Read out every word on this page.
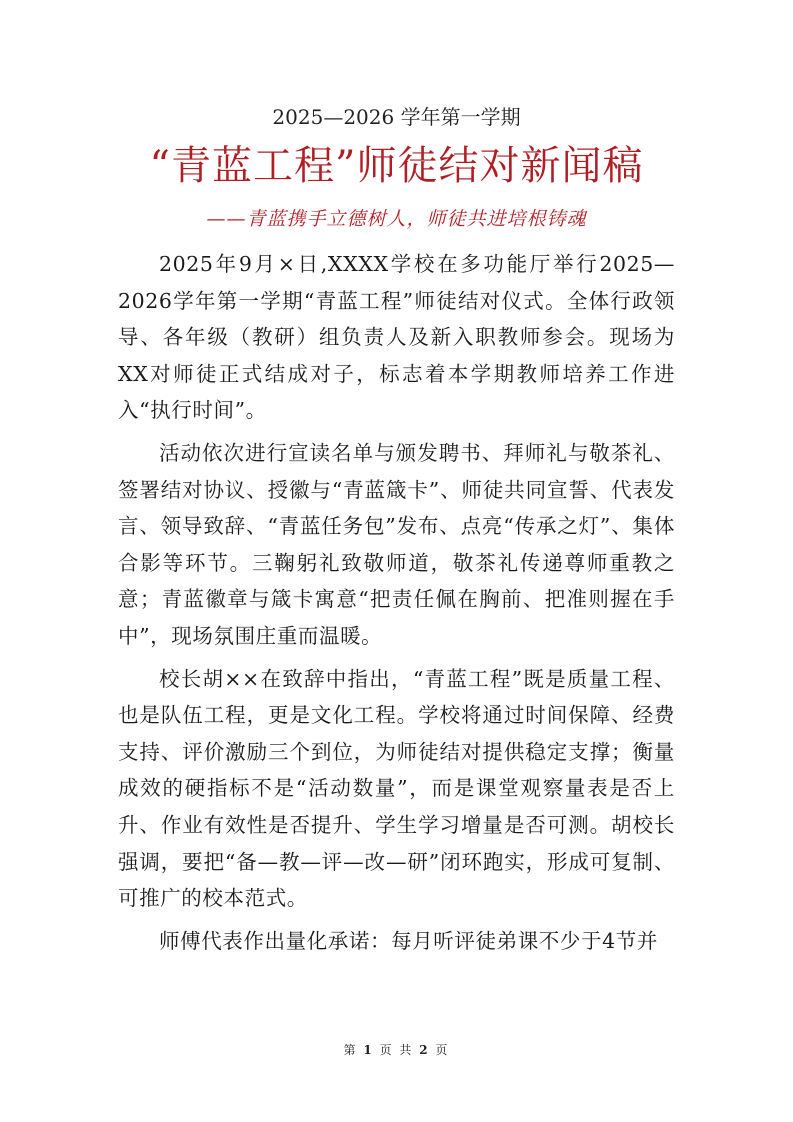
2025—2026 学年第一学期
“青蓝工程”师徒结对新闻稿
——青蓝携手立德树人，师徒共进培根铸魂

2025年9月×日,XXXX学校在多功能厅举行2025—2026学年第一学期“青蓝工程”师徒结对仪式。全体行政领导、各年级（教研）组负责人及新入职教师参会。现场为XX对师徒正式结成对子，标志着本学期教师培养工作进入“执行时间”。

活动依次进行宣读名单与颁发聘书、拜师礼与敬茶礼、签署结对协议、授徽与“青蓝箴卡”、师徒共同宣誓、代表发言、领导致辞、“青蓝任务包”发布、点亮“传承之灯”、集体合影等环节。三鞠躬礼致敬师道，敬茶礼传递尊师重教之意；青蓝徽章与箴卡寓意“把责任佩在胸前、把准则握在手中”，现场氛围庄重而温暖。

校长胡××在致辞中指出，“青蓝工程”既是质量工程、也是队伍工程，更是文化工程。学校将通过时间保障、经费支持、评价激励三个到位，为师徒结对提供稳定支撑；衡量成效的硬指标不是“活动数量”，而是课堂观察量表是否上升、作业有效性是否提升、学生学习增量是否可测。胡校长强调，要把“备—教—评—改—研”闭环跑实，形成可复制、可推广的校本范式。

师傅代表作出量化承诺：每月听评徒弟课不少于4节并

第 1 页 共 2 页
